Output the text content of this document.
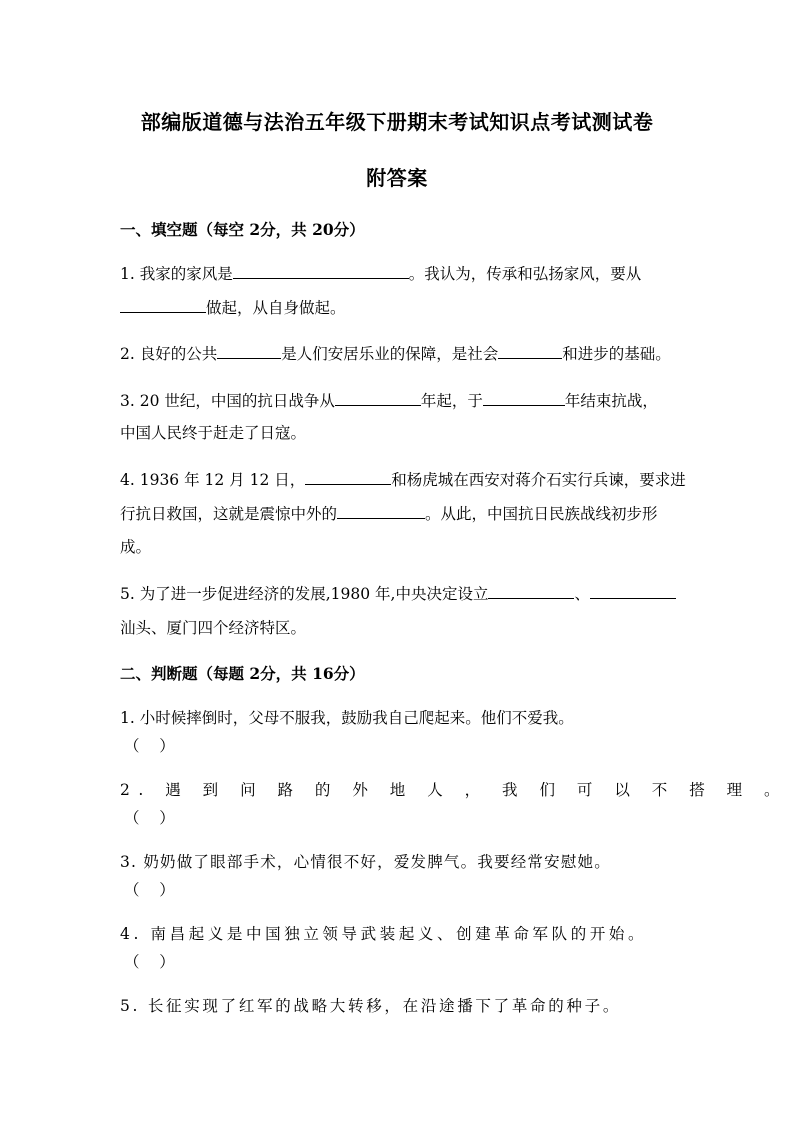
部编版道德与法治五年级下册期末考试知识点考试测试卷
附答案
一、填空题（每空 2分，共 20分）
1. 我家的家风是	。我认为，传承和弘扬家风，要从
做起，从自身做起。
2. 良好的公共	是人们安居乐业的保障，是社会	和进步的基础。
3. 20 世纪，中国的抗日战争从	年起，于	年结束抗战，
中国人民终于赶走了日寇。
4. 1936 年 12 月 12 日，	和杨虎城在西安对蒋介石实行兵谏，要求进
行抗日救国，这就是震惊中外的	。从此，中国抗日民族战线初步形
成。
5. 为了进一步促进经济的发展,1980 年,中央决定设立	、
汕头、厦门四个经济特区。
二、判断题（每题 2分，共 16分）
1. 小时候摔倒时，父母不服我，鼓励我自己爬起来。他们不爱我。
（    ）
2. 遇 到 问 路 的 外 地 人 ， 我 们 可 以 不 搭 理 。
（    ）
3. 奶奶做了眼部手术，心情很不好，爱发脾气。我要经常安慰她。
（    ）
4. 南昌起义是中国独立领导武装起义、创建革命军队的开始。
（    ）
5. 长征实现了红军的战略大转移，在沿途播下了革命的种子。
